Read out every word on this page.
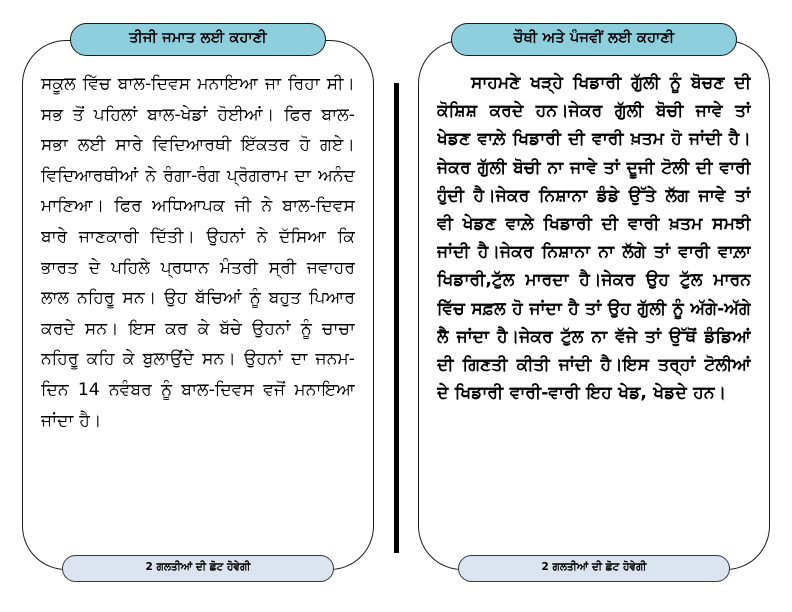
ਤੀਜੀ ਜਮਾਤ ਲਈ ਕਹਾਣੀ

ਸਕੂਲ ਵਿੱਚ ਬਾਲ-ਦਿਵਸ ਮਨਾਇਆ ਜਾ ਰਿਹਾ ਸੀ। ਸਭ ਤੋਂ ਪਹਿਲਾਂ ਬਾਲ-ਖੇਡਾਂ ਹੋਈਆਂ। ਫਿਰ ਬਾਲ-ਸਭਾ ਲਈ ਸਾਰੇ ਵਿਦਿਆਰਥੀ ਇੱਕਤਰ ਹੋ ਗਏ। ਵਿਦਿਆਰਥੀਆਂ ਨੇ ਰੰਗਾ-ਰੰਗ ਪ੍ਰੋਗਰਾਮ ਦਾ ਅਨੰਦ ਮਾਣਿਆ। ਫਿਰ ਅਧਿਆਪਕ ਜੀ ਨੇ ਬਾਲ-ਦਿਵਸ ਬਾਰੇ ਜਾਣਕਾਰੀ ਦਿੱਤੀ। ਉਹਨਾਂ ਨੇ ਦੱਸਿਆ ਕਿ ਭਾਰਤ ਦੇ ਪਹਿਲੇ ਪ੍ਰਧਾਨ ਮੰਤਰੀ ਸ੍ਰੀ ਜਵਾਹਰ ਲਾਲ ਨਹਿਰੂ ਸਨ। ਉਹ ਬੱਚਿਆਂ ਨੂੰ ਬਹੁਤ ਪਿਆਰ ਕਰਦੇ ਸਨ। ਇਸ ਕਰ ਕੇ ਬੱਚੇ ਉਹਨਾਂ ਨੂੰ ਚਾਚਾ ਨਹਿਰੂ ਕਹਿ ਕੇ ਬੁਲਾਉਂਦੇ ਸਨ। ਉਹਨਾਂ ਦਾ ਜਨਮ-ਦਿਨ 14 ਨਵੰਬਰ ਨੂੰ ਬਾਲ-ਦਿਵਸ ਵਜੋਂ ਮਨਾਇਆ ਜਾਂਦਾ ਹੈ।

2 ਗਲਤੀਆਂ ਦੀ ਛੋਟ ਹੋਵੇਗੀ
ਚੌਥੀ ਅਤੇ ਪੰਜਵੀਂ ਲਈ ਕਹਾਣੀ

ਸਾਹਮਣੇ ਖੜ੍ਹੇ ਖਿਡਾਰੀ ਗੁੱਲੀ ਨੂੰ ਬੋਚਣ ਦੀ ਕੋਸ਼ਿਸ਼ ਕਰਦੇ ਹਨ।ਜੇਕਰ ਗੁੱਲੀ ਬੋਚੀ ਜਾਵੇ ਤਾਂ ਖੇਡਣ ਵਾਲ਼ੇ ਖਿਡਾਰੀ ਦੀ ਵਾਰੀ ਖ਼ਤਮ ਹੋ ਜਾਂਦੀ ਹੈ।ਜੇਕਰ ਗੁੱਲੀ ਬੋਚੀ ਨਾ ਜਾਵੇ ਤਾਂ ਦੂਜੀ ਟੋਲੀ ਦੀ ਵਾਰੀ ਹੁੰਦੀ ਹੈ।ਜੇਕਰ ਨਿਸ਼ਾਨਾ ਡੰਡੇ ਉੱਤੇ ਲੱਗ ਜਾਵੇ ਤਾਂ ਵੀ ਖੇਡਣ ਵਾਲ਼ੇ ਖਿਡਾਰੀ ਦੀ ਵਾਰੀ ਖ਼ਤਮ ਸਮਝੀ ਜਾਂਦੀ ਹੈ।ਜੇਕਰ ਨਿਸ਼ਾਨਾ ਨਾ ਲੱਗੇ ਤਾਂ ਵਾਰੀ ਵਾਲ਼ਾ ਖਿਡਾਰੀ,ਟੁੱਲ ਮਾਰਦਾ ਹੈ।ਜੇਕਰ ਉਹ ਟੁੱਲ ਮਾਰਨ ਵਿੱਚ ਸਫ਼ਲ ਹੋ ਜਾਂਦਾ ਹੈ ਤਾਂ ਉਹ ਗੁੱਲੀ ਨੂੰ ਅੱਗੇ-ਅੱਗੇ ਲੈ ਜਾਂਦਾ ਹੈ।ਜੇਕਰ ਟੁੱਲ ਨਾ ਵੱਜੇ ਤਾਂ ਉੱਥੋਂ ਡੰਡਿਆਂ ਦੀ ਗਿਣਤੀ ਕੀਤੀ ਜਾਂਦੀ ਹੈ।ਇਸ ਤਰ੍ਹਾਂ ਟੋਲੀਆਂ ਦੇ ਖਿਡਾਰੀ ਵਾਰੀ-ਵਾਰੀ ਇਹ ਖੇਡ, ਖੇਡਦੇ ਹਨ।

2 ਗਲਤੀਆਂ ਦੀ ਛੋਟ ਹੋਵੇਗੀ
